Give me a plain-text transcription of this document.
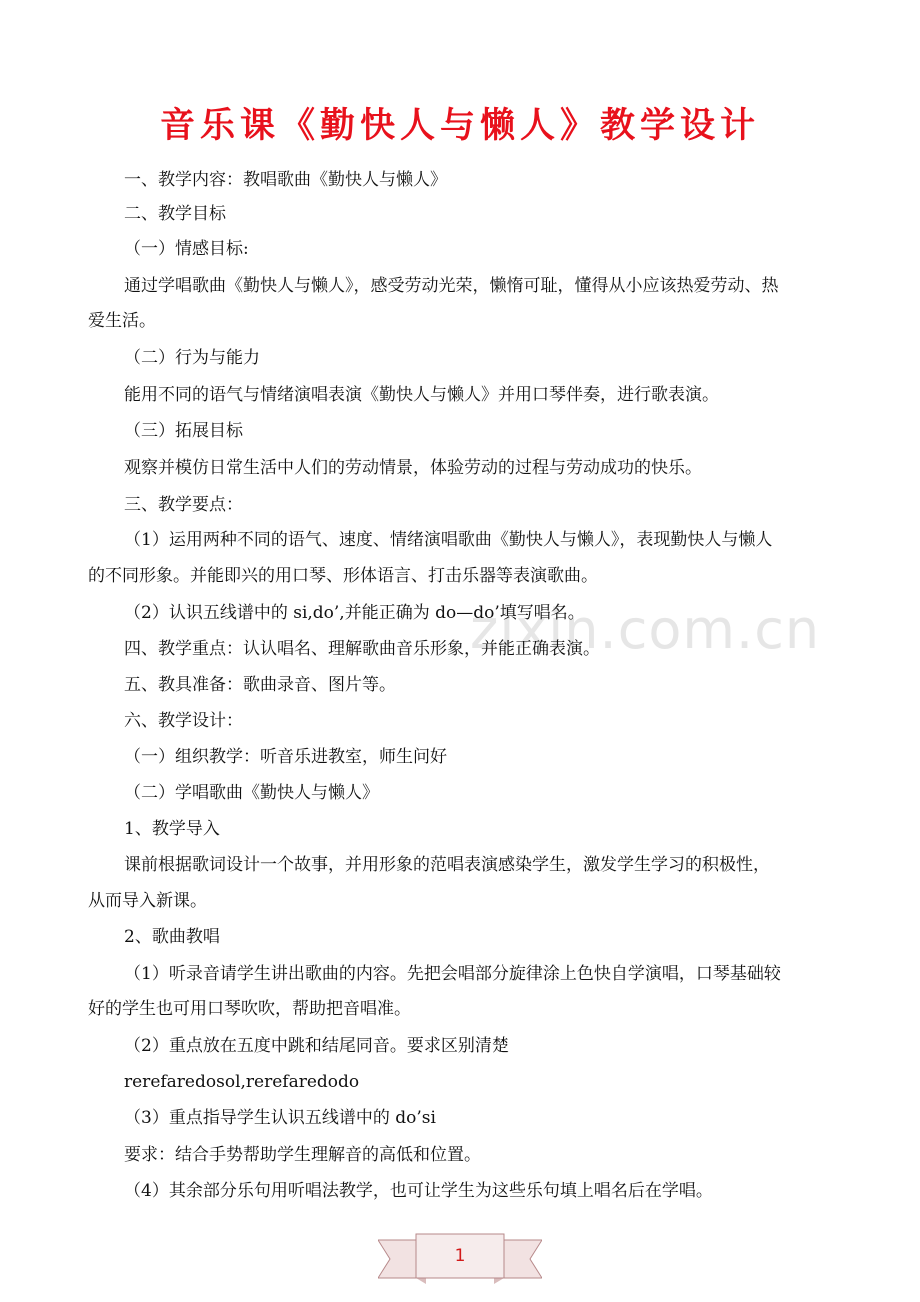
zixin.com.cn
音乐课《勤快人与懒人》教学设计
一、教学内容：教唱歌曲《勤快人与懒人》
二、教学目标
（一）情感目标:
通过学唱歌曲《勤快人与懒人》，感受劳动光荣，懒惰可耻，懂得从小应该热爱劳动、热
爱生活。
（二）行为与能力
能用不同的语气与情绪演唱表演《勤快人与懒人》并用口琴伴奏，进行歌表演。
（三）拓展目标
观察并模仿日常生活中人们的劳动情景，体验劳动的过程与劳动成功的快乐。
三、教学要点：
（1）运用两种不同的语气、速度、情绪演唱歌曲《勤快人与懒人》，表现勤快人与懒人
的不同形象。并能即兴的用口琴、形体语言、打击乐器等表演歌曲。
（2）认识五线谱中的 si,do’,并能正确为 do—do’填写唱名。
四、教学重点：认认唱名、理解歌曲音乐形象，并能正确表演。
五、教具准备：歌曲录音、图片等。
六、教学设计：
（一）组织教学：听音乐进教室，师生问好
（二）学唱歌曲《勤快人与懒人》
1、教学导入
课前根据歌词设计一个故事，并用形象的范唱表演感染学生，激发学生学习的积极性，
从而导入新课。
2、歌曲教唱
（1）听录音请学生讲出歌曲的内容。先把会唱部分旋律涂上色快自学演唱，口琴基础较
好的学生也可用口琴吹吹，帮助把音唱准。
（2）重点放在五度中跳和结尾同音。要求区别清楚
rerefaredosol,rerefaredodo
（3）重点指导学生认识五线谱中的 do’si
要求：结合手势帮助学生理解音的高低和位置。
（4）其余部分乐句用听唱法教学，也可让学生为这些乐句填上唱名后在学唱。
1
